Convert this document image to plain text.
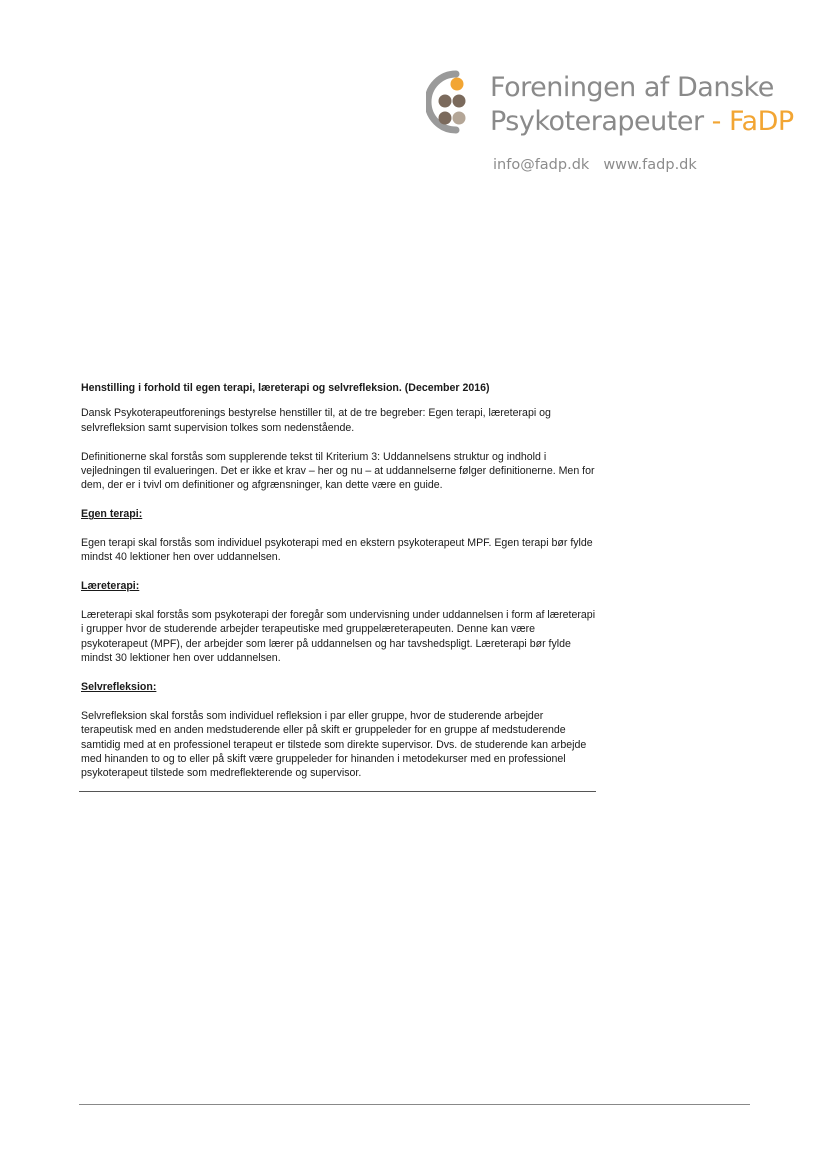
Foreningen af Danske
Psykoterapeuter - FaDP
info@fadp.dk www.fadp.dk
Henstilling i forhold til egen terapi, læreterapi og selvrefleksion. (December 2016)

Dansk Psykoterapeutforenings bestyrelse henstiller til, at de tre begreber: Egen terapi, læreterapi og selvrefleksion samt supervision tolkes som nedenstående.

Definitionerne skal forstås som supplerende tekst til Kriterium 3: Uddannelsens struktur og indhold i vejledningen til evalueringen. Det er ikke et krav – her og nu – at uddannelserne følger definitionerne. Men for dem, der er i tvivl om definitioner og afgrænsninger, kan dette være en guide.

Egen terapi:

Egen terapi skal forstås som individuel psykoterapi med en ekstern psykoterapeut MPF. Egen terapi bør fylde mindst 40 lektioner hen over uddannelsen.

Læreterapi:

Læreterapi skal forstås som psykoterapi der foregår som undervisning under uddannelsen i form af læreterapi i grupper hvor de studerende arbejder terapeutiske med gruppelæreterapeuten. Denne kan være psykoterapeut (MPF), der arbejder som lærer på uddannelsen og har tavshedspligt. Læreterapi bør fylde mindst 30 lektioner hen over uddannelsen.

Selvrefleksion:

Selvrefleksion skal forstås som individuel refleksion i par eller gruppe, hvor de studerende arbejder terapeutisk med en anden medstuderende eller på skift er gruppeleder for en gruppe af medstuderende samtidig med at en professionel terapeut er tilstede som direkte supervisor. Dvs. de studerende kan arbejde med hinanden to og to eller på skift være gruppeleder for hinanden i metodekurser med en professionel psykoterapeut tilstede som medreflekterende og supervisor.
